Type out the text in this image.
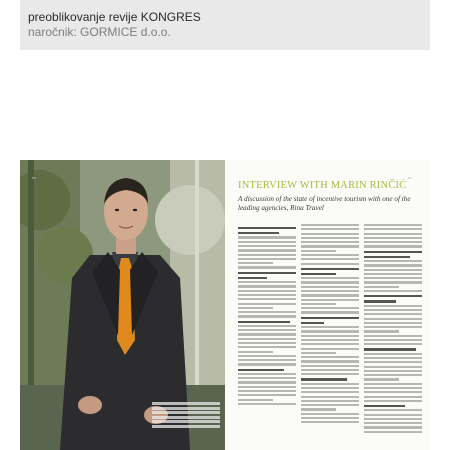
preoblikovanje revije KONGRES
naročnik: GORMICE d.o.o.
▪▪▪	▪▪▪
INTERVIEW WITH MARIN RINČIĆ
A discussion of the state of incentive tourism with one of the leading agencies, Rina Travel
